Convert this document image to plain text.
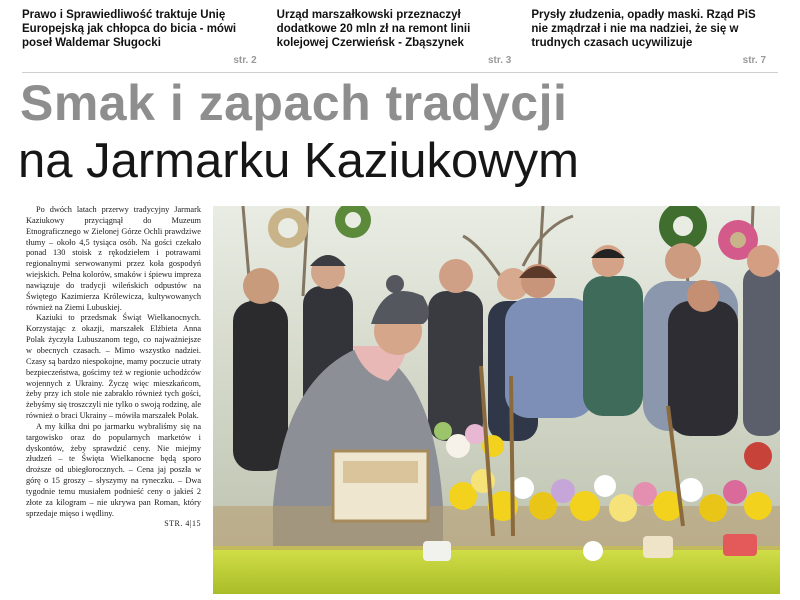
Prawo i Sprawiedliwość traktuje Unię Europejską jak chłopca do bicia - mówi poseł Waldemar Sługocki
str. 2
Urząd marszałkowski przeznaczył dodatkowe 20 mln zł na remont linii kolejowej Czerwieńsk - Zbąszynek
str. 3
Prysły złudzenia, opadły maski. Rząd PiS nie zmądrzał i nie ma nadziei, że się w trudnych czasach ucywilizuje
str. 7
Smak i zapach tradycji
na Jarmarku Kaziukowym

Po dwóch latach przerwy tradycyjny Jarmark Kaziukowy przyciągnął do Muzeum Etnograficznego w Zielonej Górze Ochli prawdziwe tłumy – około 4,5 tysiąca osób. Na gości czekało ponad 130 stoisk z rękodziełem i potrawami regionalnymi serwowanymi przez koła gospodyń wiejskich. Pełna kolorów, smaków i śpiewu impreza nawiązuje do tradycji wileńskich odpustów na Świętego Kazimierza Królewicza, kultywowanych również na Ziemi Lubuskiej.

Kaziuki to przedsmak Świąt Wielkanocnych. Korzystając z okazji, marszałek Elżbieta Anna Polak życzyła Lubuszanom tego, co najważniejsze w obecnych czasach. – Mimo wszystko nadziei. Czasy są bardzo niespokojne, mamy poczucie utraty bezpieczeństwa, gościmy też w regionie uchodźców wojennych z Ukrainy. Życzę więc mieszkańcom, żeby przy ich stole nie zabrakło również tych gości, żebyśmy się troszczyli nie tylko o swoją rodzinę, ale również o braci Ukrainy – mówiła marszałek Polak.

A my kilka dni po jarmarku wybraliśmy się na targowisko oraz do popularnych marketów i dyskontów, żeby sprawdzić ceny. Nie miejmy złudzeń – te Święta Wielkanocne będą sporo droższe od ubiegłorocznych. – Cena jaj poszła w górę o 15 groszy – słyszymy na ryneczku. – Dwa tygodnie temu musiałem podnieść ceny o jakieś 2 złote za kilogram – nie ukrywa pan Roman, który sprzedaje mięso i wędliny.

STR. 4|15
